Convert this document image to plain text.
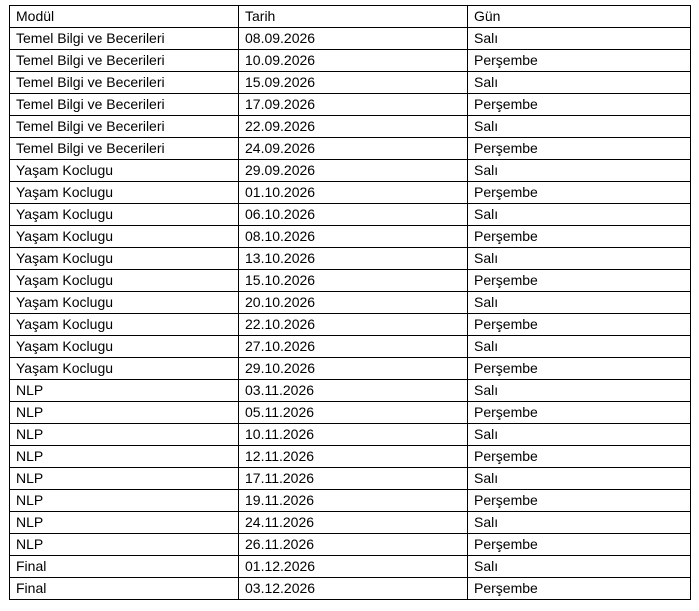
Modül	Tarih	Gün
Temel Bilgi ve Becerileri	08.09.2026	Salı
Temel Bilgi ve Becerileri	10.09.2026	Perşembe
Temel Bilgi ve Becerileri	15.09.2026	Salı
Temel Bilgi ve Becerileri	17.09.2026	Perşembe
Temel Bilgi ve Becerileri	22.09.2026	Salı
Temel Bilgi ve Becerileri	24.09.2026	Perşembe
Yaşam Koclugu	29.09.2026	Salı
Yaşam Koclugu	01.10.2026	Perşembe
Yaşam Koclugu	06.10.2026	Salı
Yaşam Koclugu	08.10.2026	Perşembe
Yaşam Koclugu	13.10.2026	Salı
Yaşam Koclugu	15.10.2026	Perşembe
Yaşam Koclugu	20.10.2026	Salı
Yaşam Koclugu	22.10.2026	Perşembe
Yaşam Koclugu	27.10.2026	Salı
Yaşam Koclugu	29.10.2026	Perşembe
NLP	03.11.2026	Salı
NLP	05.11.2026	Perşembe
NLP	10.11.2026	Salı
NLP	12.11.2026	Perşembe
NLP	17.11.2026	Salı
NLP	19.11.2026	Perşembe
NLP	24.11.2026	Salı
NLP	26.11.2026	Perşembe
Final	01.12.2026	Salı
Final	03.12.2026	Perşembe
